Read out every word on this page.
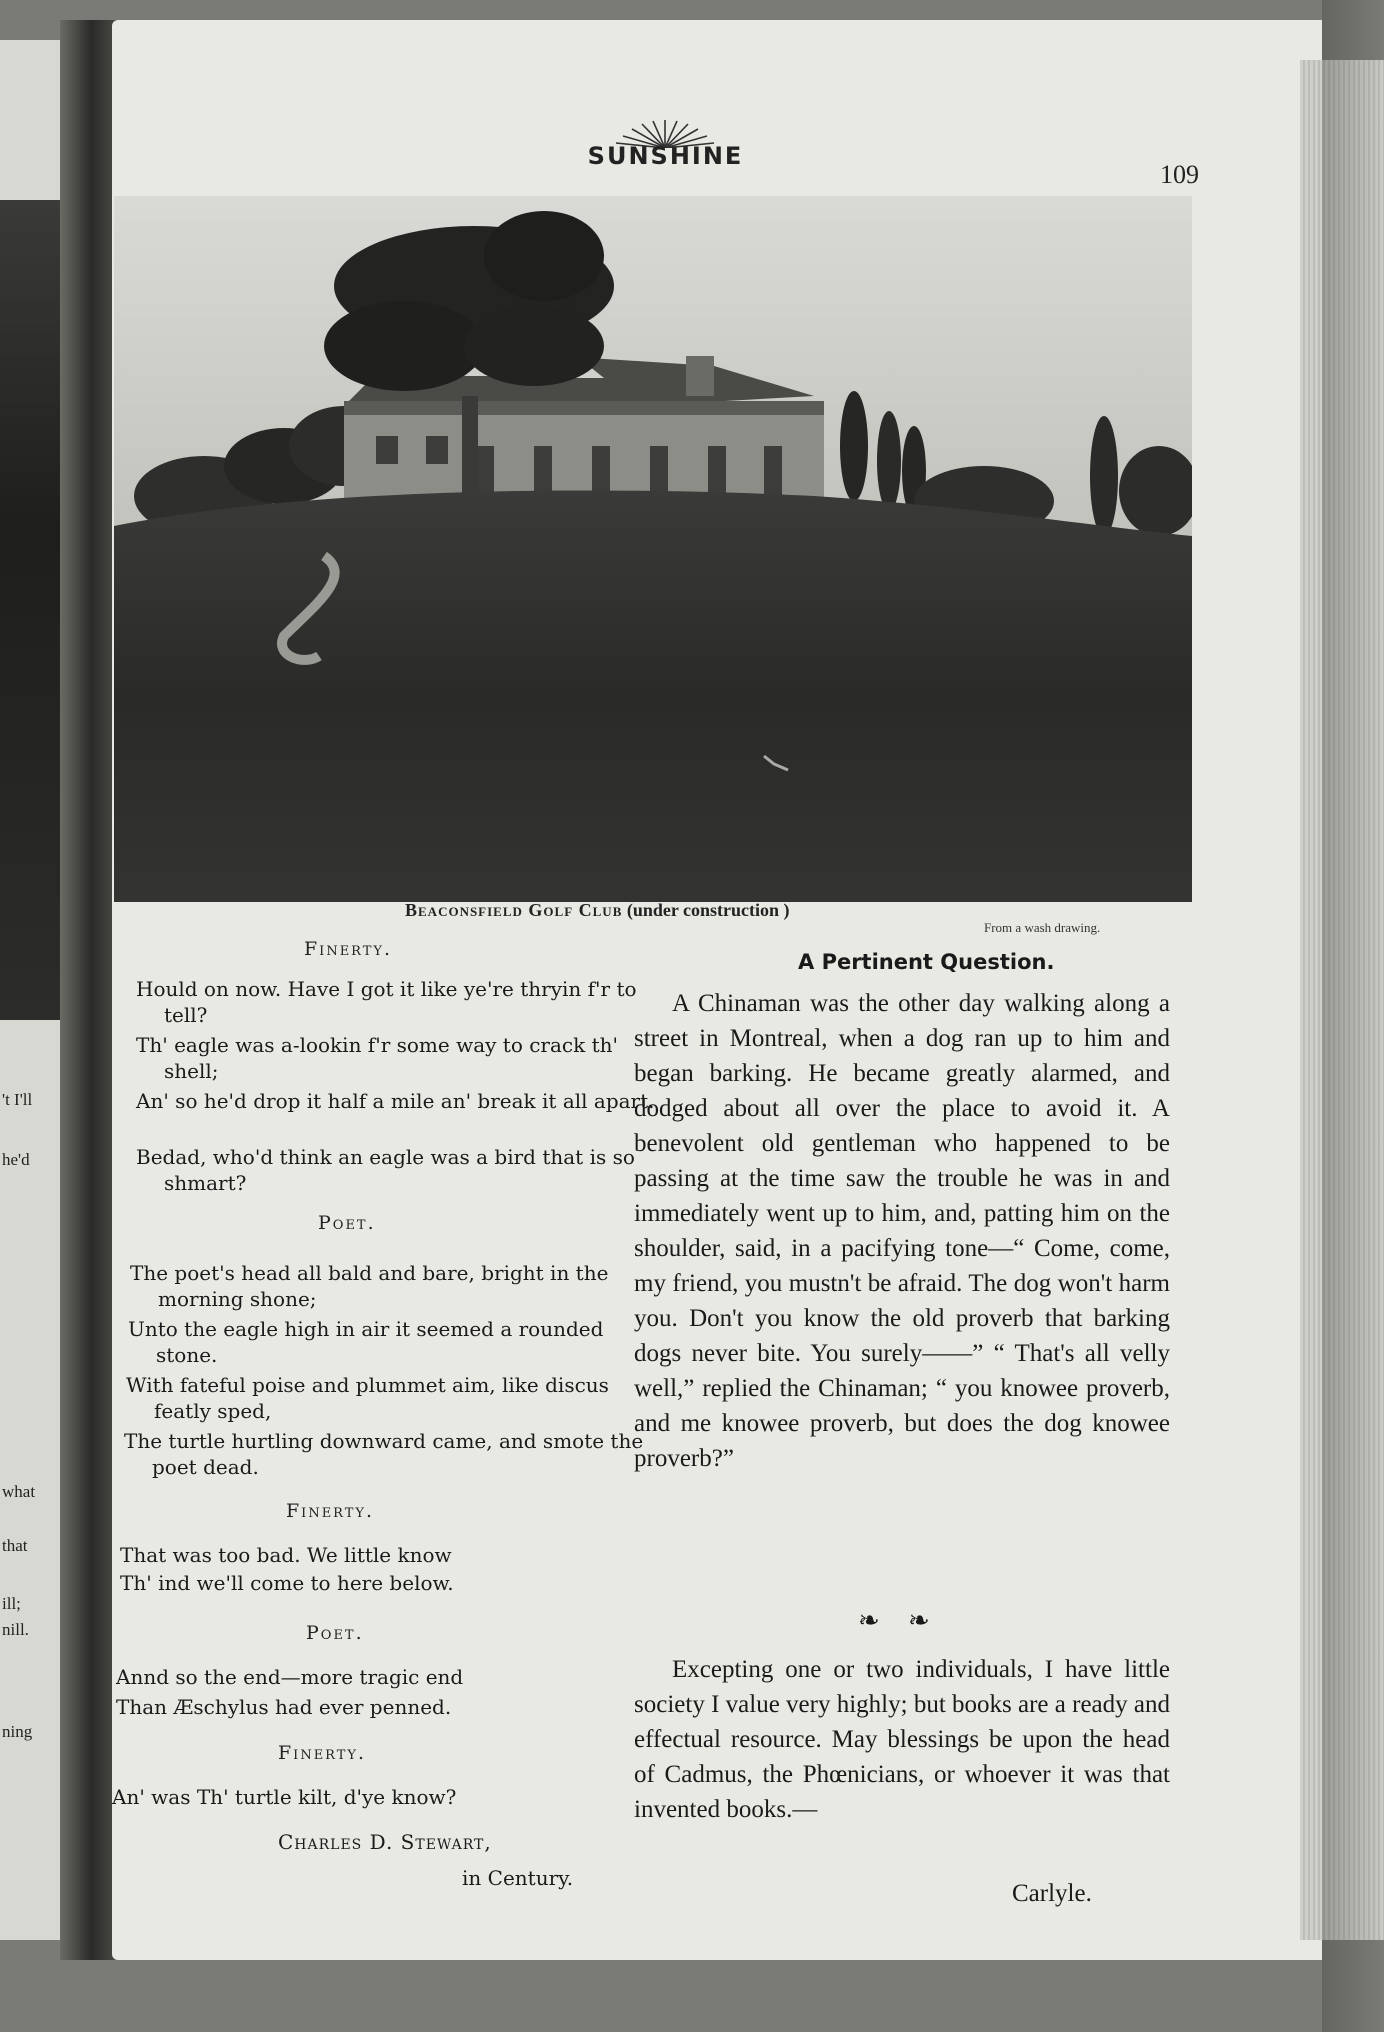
't I'll
he'd
what
that
ill;
nill.
ning
SUNSHINE
109
Beaconsfield Golf Club (under construction )
From a wash drawing.
Finerty.
Hould on now. Have I got it like ye're thryin f'r to tell?
Th' eagle was a-lookin f'r some way to crack th' shell;
An' so he'd drop it half a mile an' break it all apart.
Bedad, who'd think an eagle was a bird that is so shmart?
Poet.
The poet's head all bald and bare, bright in the morning shone;
Unto the eagle high in air it seemed a rounded stone.
With fateful poise and plummet aim, like discus featly sped,
The turtle hurtling downward came, and smote the poet dead.
Finerty.
That was too bad. We little know
Th' ind we'll come to here below.
Poet.
Annd so the end—more tragic end
Than Æschylus had ever penned.
Finerty.
An' was Th' turtle kilt, d'ye know?
Charles D. Stewart,
in Century.
A Pertinent Question.

A Chinaman was the other day walking along a street in Montreal, when a dog ran up to him and began barking. He became greatly alarmed, and dodged about all over the place to avoid it. A benevolent old gentleman who happened to be passing at the time saw the trouble he was in and immediately went up to him, and, patting him on the shoulder, said, in a pacifying tone—“ Come, come, my friend, you mustn't be afraid. The dog won't harm you. Don't you know the old proverb that barking dogs never bite. You surely——” “ That's all velly well,” replied the Chinaman; “ you knowee proverb, and me knowee proverb, but does the dog knowee proverb?”

❧ ❧

Excepting one or two individuals, I have little society I value very highly; but books are a ready and effectual resource. May blessings be upon the head of Cadmus, the Phœnicians, or whoever it was that invented books.—

Carlyle.
